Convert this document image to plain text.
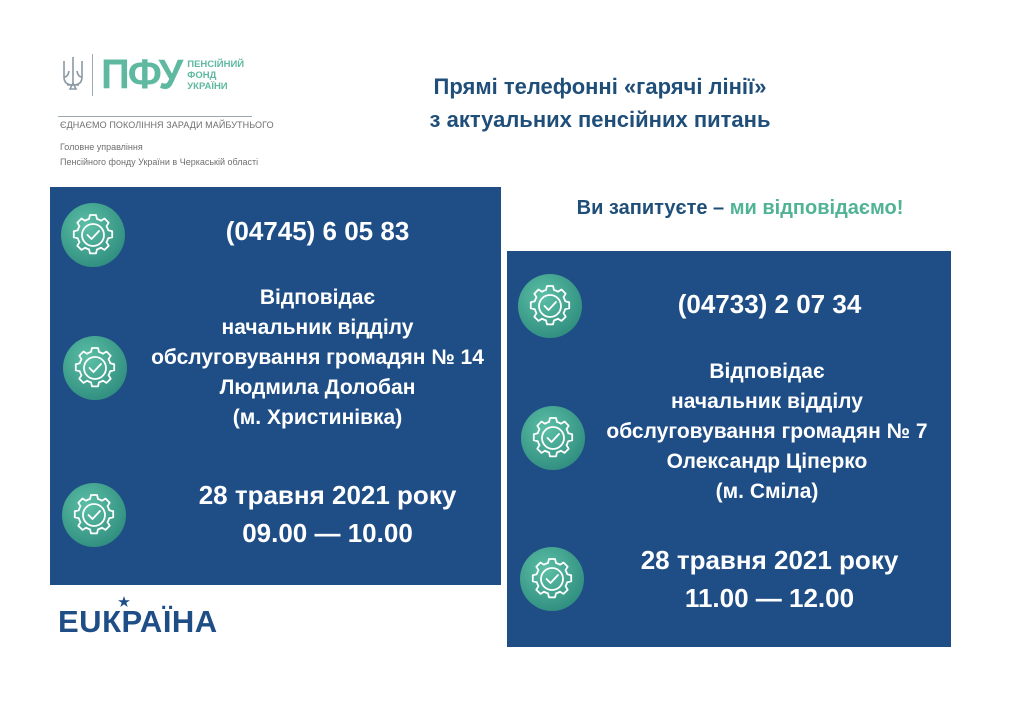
ПФУ ПЕНСІЙНИЙ
ФОНД
УКРАЇНИ
ЄДНАЄМО ПОКОЛІННЯ ЗАРАДИ МАЙБУТНЬОГО
Головне управління
Пенсійного фонду України в Черкаській області
Прямі телефонні «гарячі лінії»
з актуальних пенсійних питань
Ви запитуєте – ми відповідаємо!
(04745) 6 05 83
Відповідає
начальник відділу
обслуговування громадян № 14
Людмила Долобан
(м. Христинівка)
28 травня 2021 року
09.00 — 10.00
(04733) 2 07 34
Відповідає
начальник відділу
обслуговування громадян № 7
Олександр Ціперко
(м. Сміла)
28 травня 2021 року
11.00 — 12.00
EUКРАЇНА
